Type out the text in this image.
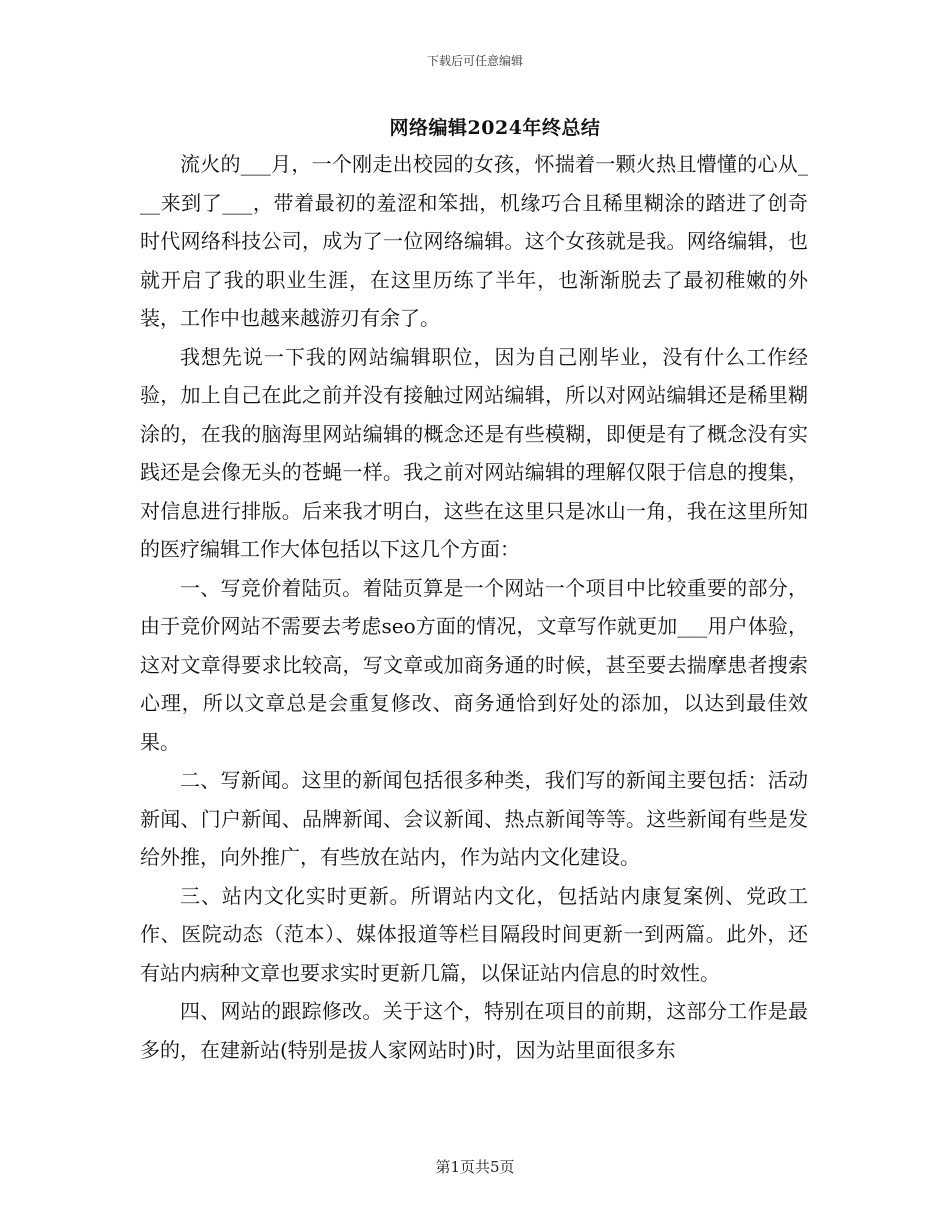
下载后可任意编辑
网络编辑2024年终总结

流火的___月，一个刚走出校园的女孩，怀揣着一颗火热且懵懂的心从___来到了___，带着最初的羞涩和笨拙，机缘巧合且稀里糊涂的踏进了创奇时代网络科技公司，成为了一位网络编辑。这个女孩就是我。网络编辑，也就开启了我的职业生涯，在这里历练了半年，也渐渐脱去了最初稚嫩的外装，工作中也越来越游刃有余了。

我想先说一下我的网站编辑职位，因为自己刚毕业，没有什么工作经验，加上自己在此之前并没有接触过网站编辑，所以对网站编辑还是稀里糊涂的，在我的脑海里网站编辑的概念还是有些模糊，即便是有了概念没有实践还是会像无头的苍蝇一样。我之前对网站编辑的理解仅限于信息的搜集，对信息进行排版。后来我才明白，这些在这里只是冰山一角，我在这里所知的医疗编辑工作大体包括以下这几个方面：

一、写竞价着陆页。着陆页算是一个网站一个项目中比较重要的部分，由于竞价网站不需要去考虑seo方面的情况，文章写作就更加___用户体验，这对文章得要求比较高，写文章或加商务通的时候，甚至要去揣摩患者搜索心理，所以文章总是会重复修改、商务通恰到好处的添加，以达到最佳效果。

二、写新闻。这里的新闻包括很多种类，我们写的新闻主要包括：活动新闻、门户新闻、品牌新闻、会议新闻、热点新闻等等。这些新闻有些是发给外推，向外推广，有些放在站内，作为站内文化建设。

三、站内文化实时更新。所谓站内文化，包括站内康复案例、党政工作、医院动态（范本）、媒体报道等栏目隔段时间更新一到两篇。此外，还有站内病种文章也要求实时更新几篇，以保证站内信息的时效性。

四、网站的跟踪修改。关于这个，特别在项目的前期，这部分工作是最多的，在建新站(特别是拔人家网站时)时，因为站里面很多东

第1页共5页
